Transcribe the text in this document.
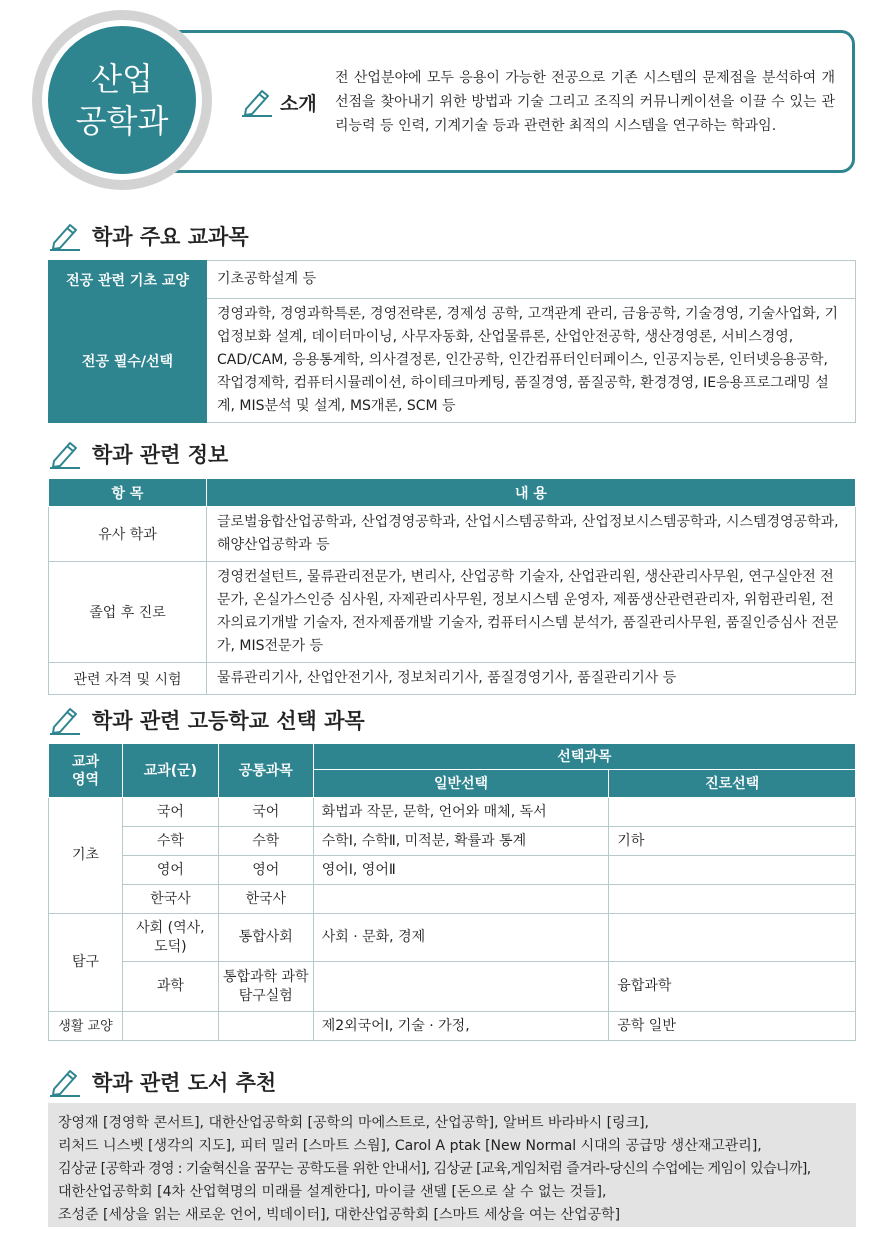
산업
공학과	소개
전 산업분야에 모두 응용이 가능한 전공으로 기존 시스템의 문제점을 분석하여 개선점을 찾아내기 위한 방법과 기술 그리고 조직의 커뮤니케이션을 이끌 수 있는 관리능력 등 인력, 기계기술 등과 관련한 최적의 시스템을 연구하는 학과임.
학과 주요 교과목
전공 관련 기초 교양	기초공학설계 등
전공 필수/선택	경영과학, 경영과학특론, 경영전략론, 경제성 공학, 고객관계 관리, 금융공학, 기술경영, 기술사업화, 기업정보화 설계, 데이터마이닝, 사무자동화, 산업물류론, 산업안전공학, 생산경영론, 서비스경영, CAD/CAM, 응용통계학, 의사결정론, 인간공학, 인간컴퓨터인터페이스, 인공지능론, 인터넷응용공학, 작업경제학, 컴퓨터시뮬레이션, 하이테크마케팅, 품질경영, 품질공학, 환경경영, IE응용프로그래밍 설계, MIS분석 및 설계, MS개론, SCM 등
학과 관련 정보
항 목	내 용
유사 학과	글로벌융합산업공학과, 산업경영공학과, 산업시스템공학과, 산업정보시스템공학과, 시스템경영공학과, 해양산업공학과 등
졸업 후 진로	경영컨설턴트, 물류관리전문가, 변리사, 산업공학 기술자, 산업관리원, 생산관리사무원, 연구실안전 전문가, 온실가스인증 심사원, 자제관리사무원, 정보시스템 운영자, 제품생산관련관리자, 위험관리원, 전자의료기개발 기술자, 전자제품개발 기술자, 컴퓨터시스템 분석가, 품질관리사무원, 품질인증심사 전문가, MIS전문가 등
관련 자격 및 시험	물류관리기사, 산업안전기사, 정보처리기사, 품질경영기사, 품질관리기사 등
학과 관련 고등학교 선택 과목
교과 영역	교과(군)	공통과목	선택과목	
			일반선택	진로선택
기초	국어	국어	화법과 작문, 문학, 언어와 매체, 독서	
	수학	수학	수학Ⅰ, 수학Ⅱ, 미적분, 확률과 통계	기하
	영어	영어	영어Ⅰ, 영어Ⅱ	
	한국사	한국사		
탐구	사회 (역사,도덕)	통합사회	사회 · 문화, 경제	
	과학	통합과학 과학탐구실험		융합과학
생활 교양			제2외국어Ⅰ, 기술 · 가정,	공학 일반
학과 관련 도서 추천
장영재 [경영학 콘서트], 대한산업공학회 [공학의 마에스트로, 산업공학], 알버트 바라바시 [링크],
리처드 니스벳 [생각의 지도], 피터 밀러 [스마트 스웜], Carol A ptak [New Normal 시대의 공급망 생산재고관리],
김상균 [공학과 경영 : 기술혁신을 꿈꾸는 공학도를 위한 안내서], 김상균 [교육,게임처럼 즐겨라-당신의 수업에는 게임이 있습니까],
대한산업공학회 [4차 산업혁명의 미래를 설계한다], 마이클 샌델 [돈으로 살 수 없는 것들],
조성준 [세상을 읽는 새로운 언어, 빅데이터], 대한산업공학회 [스마트 세상을 여는 산업공학]
